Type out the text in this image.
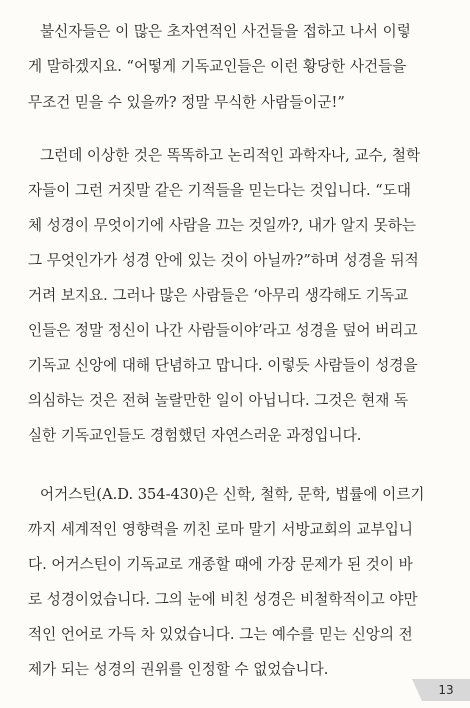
불신자들은 이 많은 초자연적인 사건들을 접하고 나서 이렇
게 말하겠지요. “어떻게 기독교인들은 이런 황당한 사건들을
무조건 믿을 수 있을까? 정말 무식한 사람들이군!”
그런데 이상한 것은 똑똑하고 논리적인 과학자나, 교수, 철학
자들이 그런 거짓말 같은 기적들을 믿는다는 것입니다. “도대
체 성경이 무엇이기에 사람을 끄는 것일까?, 내가 알지 못하는
그 무엇인가가 성경 안에 있는 것이 아닐까?”하며 성경을 뒤적
거려 보지요. 그러나 많은 사람들은 ‘아무리 생각해도 기독교
인들은 정말 정신이 나간 사람들이야’라고 성경을 덮어 버리고
기독교 신앙에 대해 단념하고 맙니다. 이렇듯 사람들이 성경을
의심하는 것은 전혀 놀랄만한 일이 아닙니다. 그것은 현재 독
실한 기독교인들도 경험했던 자연스러운 과정입니다.
어거스틴(A.D. 354-430)은 신학, 철학, 문학, 법률에 이르기
까지 세계적인 영향력을 끼친 로마 말기 서방교회의 교부입니
다. 어거스틴이 기독교로 개종할 때에 가장 문제가 된 것이 바
로 성경이었습니다. 그의 눈에 비친 성경은 비철학적이고 야만
적인 언어로 가득 차 있었습니다. 그는 예수를 믿는 신앙의 전
제가 되는 성경의 권위를 인정할 수 없었습니다.
13
